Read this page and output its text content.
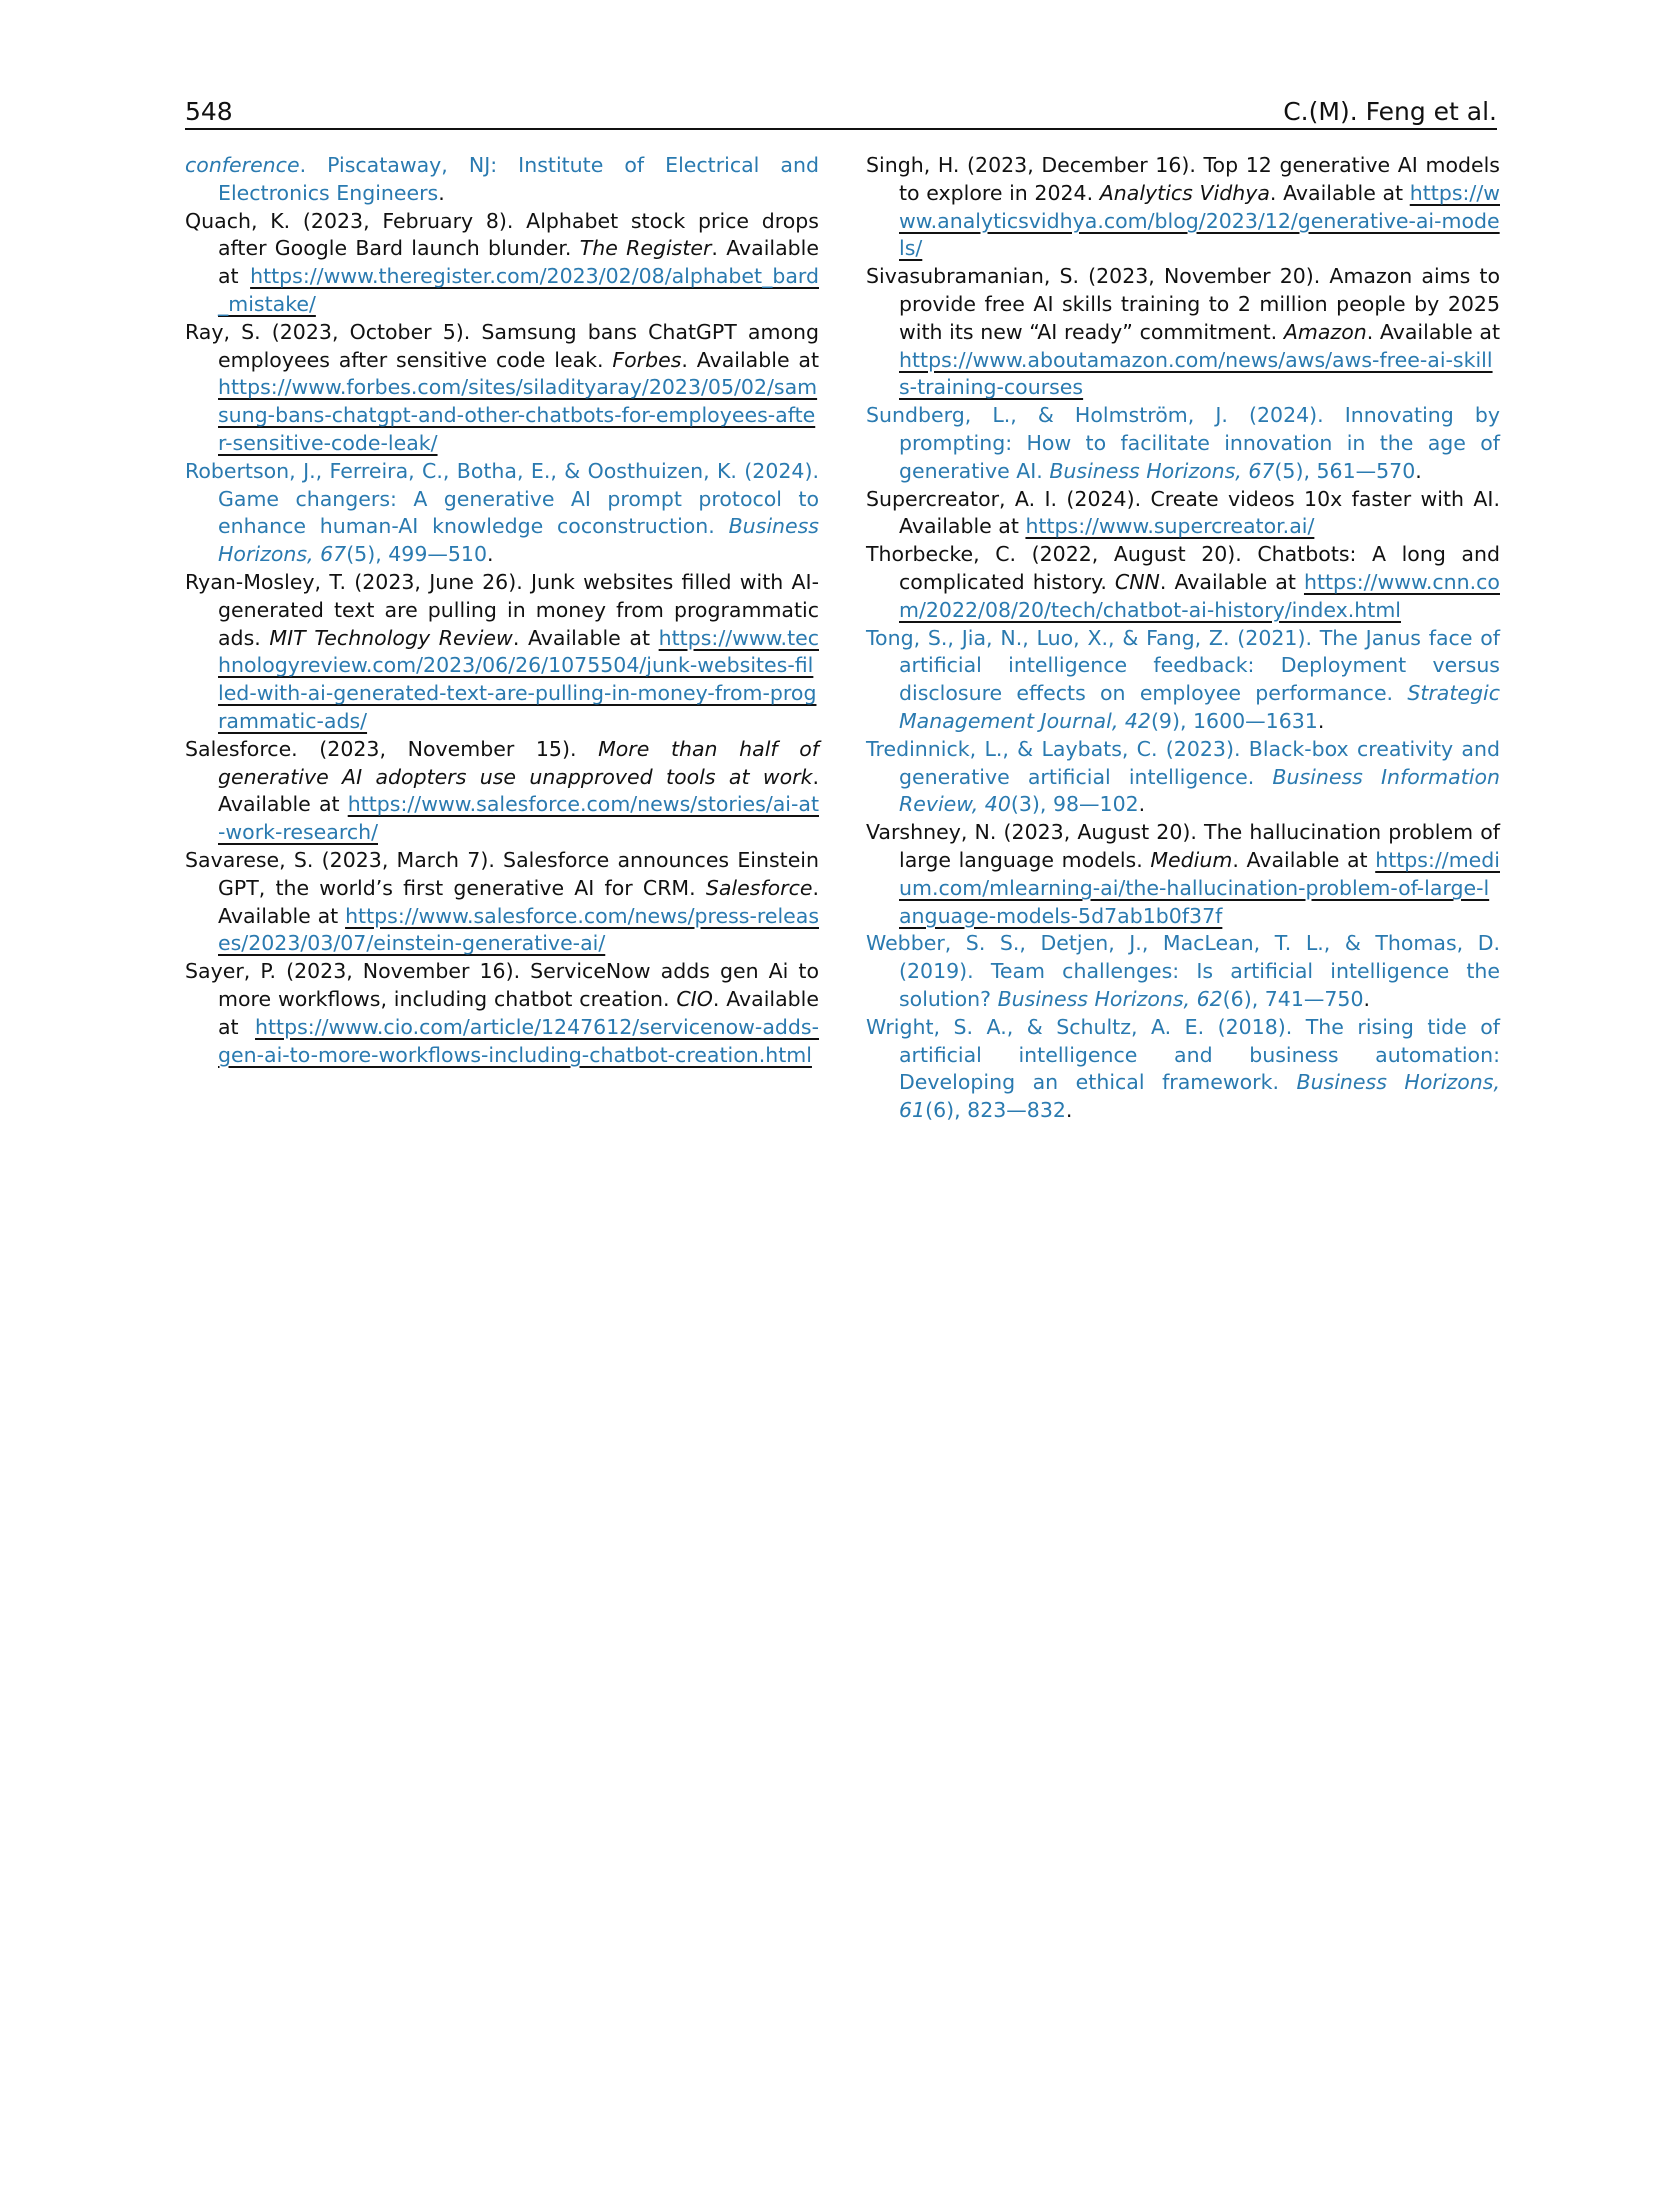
548	C.(M). Feng et al.

conference. Piscataway, NJ: Institute of Electrical and Electronics Engineers.

Quach, K. (2023, February 8). Alphabet stock price drops after Google Bard launch blunder. The Register. Available at https://www.theregister.com/2023/02/08/alphabet_bard_mistake/

Ray, S. (2023, October 5). Samsung bans ChatGPT among employees after sensitive code leak. Forbes. Available at https://www.forbes.com/sites/siladityaray/2023/05/02/samsung-bans-chatgpt-and-other-chatbots-for-employees-after-sensitive-code-leak/

Robertson, J., Ferreira, C., Botha, E., & Oosthuizen, K. (2024). Game changers: A generative AI prompt protocol to enhance human-AI knowledge coconstruction. Business Horizons, 67(5), 499—510.

Ryan-Mosley, T. (2023, June 26). Junk websites filled with AI-generated text are pulling in money from programmatic ads. MIT Technology Review. Available at https://www.technologyreview.com/2023/06/26/1075504/junk-websites-filled-with-ai-generated-text-are-pulling-in-money-from-programmatic-ads/

Salesforce. (2023, November 15). More than half of generative AI adopters use unapproved tools at work. Available at https://www.salesforce.com/news/stories/ai-at-work-research/

Savarese, S. (2023, March 7). Salesforce announces Einstein GPT, the world’s first generative AI for CRM. Salesforce. Available at https://www.salesforce.com/news/press-releases/2023/03/07/einstein-generative-ai/

Sayer, P. (2023, November 16). ServiceNow adds gen Ai to more workflows, including chatbot creation. CIO. Available at https://www.cio.com/article/1247612/servicenow-adds-gen-ai-to-more-workflows-including-chatbot-creation.html

Singh, H. (2023, December 16). Top 12 generative AI models to explore in 2024. Analytics Vidhya. Available at https://www.analyticsvidhya.com/blog/2023/12/generative-ai-models/

Sivasubramanian, S. (2023, November 20). Amazon aims to provide free AI skills training to 2 million people by 2025 with its new “AI ready” commitment. Amazon. Available at https://www.aboutamazon.com/news/aws/aws-free-ai-skills-training-courses

Sundberg, L., & Holmström, J. (2024). Innovating by prompting: How to facilitate innovation in the age of generative AI. Business Horizons, 67(5), 561—570.

Supercreator, A. I. (2024). Create videos 10x faster with AI. Available at https://www.supercreator.ai/

Thorbecke, C. (2022, August 20). Chatbots: A long and complicated history. CNN. Available at https://www.cnn.com/2022/08/20/tech/chatbot-ai-history/index.html

Tong, S., Jia, N., Luo, X., & Fang, Z. (2021). The Janus face of artificial intelligence feedback: Deployment versus disclosure effects on employee performance. Strategic Management Journal, 42(9), 1600—1631.

Tredinnick, L., & Laybats, C. (2023). Black-box creativity and generative artificial intelligence. Business Information Review, 40(3), 98—102.

Varshney, N. (2023, August 20). The hallucination problem of large language models. Medium. Available at https://medium.com/mlearning-ai/the-hallucination-problem-of-large-language-models-5d7ab1b0f37f

Webber, S. S., Detjen, J., MacLean, T. L., & Thomas, D. (2019). Team challenges: Is artificial intelligence the solution? Business Horizons, 62(6), 741—750.

Wright, S. A., & Schultz, A. E. (2018). The rising tide of artificial intelligence and business automation: Developing an ethical framework. Business Horizons, 61(6), 823—832.
